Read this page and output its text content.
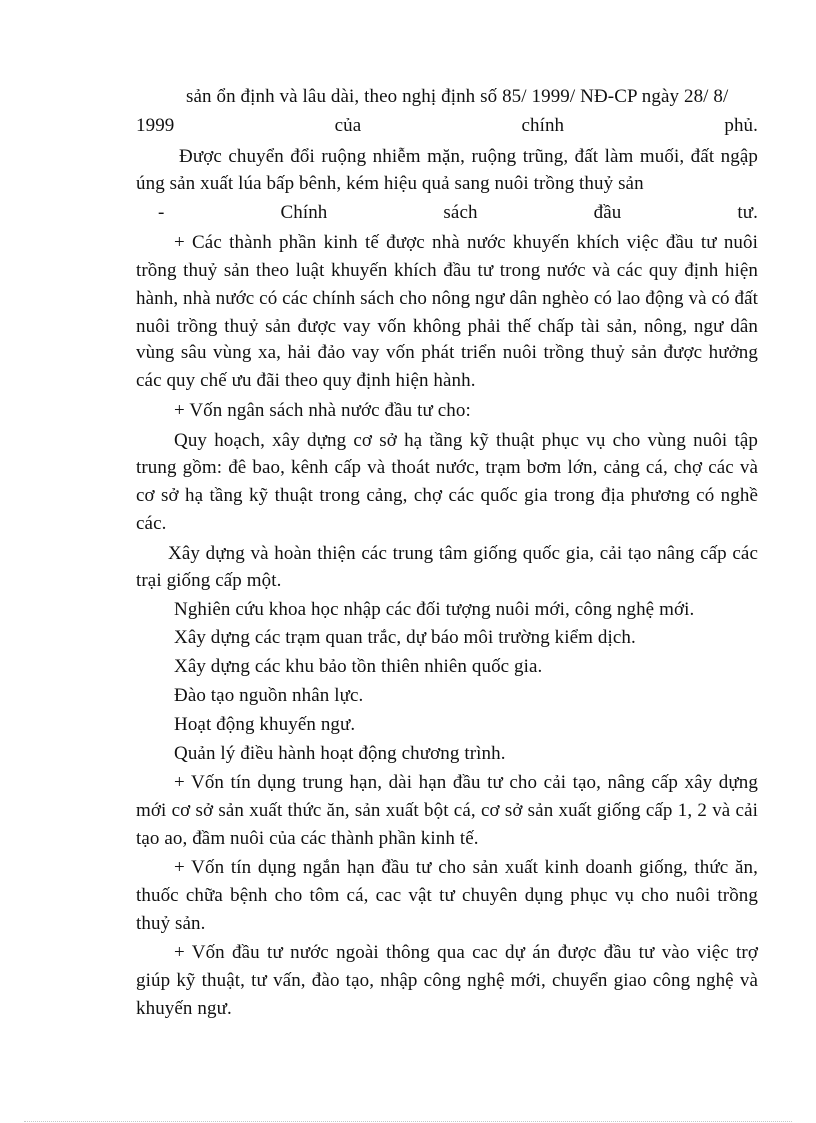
sản ổn định và lâu dài, theo nghị định số 85/ 1999/ NĐ-CP ngày 28/ 8/
1999 của chính phủ.
Được chuyển đổi ruộng nhiễm mặn, ruộng trũng, đất làm muối, đất ngập
úng sản xuất lúa bấp bênh, kém hiệu quả sang nuôi trồng thuỷ sản
- Chính sách đầu tư.
+ Các thành phần kinh tế được nhà nước khuyến khích việc đầu tư nuôi
trồng thuỷ sản theo luật khuyến khích đầu tư trong nước và các quy định hiện
hành, nhà nước có các chính sách cho nông ngư dân nghèo có lao động và có đất
nuôi trồng thuỷ sản được vay vốn không phải thế chấp tài sản, nông, ngư dân
vùng sâu vùng xa, hải đảo vay vốn phát triển nuôi trồng thuỷ sản được hưởng
các quy chế ưu đãi theo quy định hiện hành.
+ Vốn ngân sách nhà nước đầu tư cho:
Quy hoạch, xây dựng cơ sở hạ tầng kỹ thuật phục vụ cho vùng nuôi tập
trung gồm: đê bao, kênh cấp và thoát nước, trạm bơm lớn, cảng cá, chợ các và
cơ sở hạ tầng kỹ thuật trong cảng, chợ các quốc gia trong địa phương có nghề
các.
Xây dựng và hoàn thiện các trung tâm giống quốc gia, cải tạo nâng cấp các
trại giống cấp một.
Nghiên cứu khoa học nhập các đối tượng nuôi mới, công nghệ mới.
Xây dựng các trạm quan trắc, dự báo môi trường kiểm dịch.
Xây dựng các khu bảo tồn thiên nhiên quốc gia.
Đào tạo nguồn nhân lực.
Hoạt động khuyến ngư.
Quản lý điều hành hoạt động chương trình.
+ Vốn tín dụng trung hạn, dài hạn đầu tư cho cải tạo, nâng cấp xây dựng
mới cơ sở sản xuất thức ăn, sản xuất bột cá, cơ sở sản xuất giống cấp 1, 2 và cải
tạo ao, đầm nuôi của các thành phần kinh tế.
+ Vốn tín dụng ngắn hạn đầu tư cho sản xuất kinh doanh giống, thức ăn,
thuốc chữa bệnh cho tôm cá, cac vật tư chuyên dụng phục vụ cho nuôi trồng
thuỷ sản.
+ Vốn đầu tư nước ngoài thông qua cac dự án được đầu tư vào việc trợ
giúp kỹ thuật, tư vấn, đào tạo, nhập công nghệ mới, chuyển giao công nghệ và
khuyến ngư.
